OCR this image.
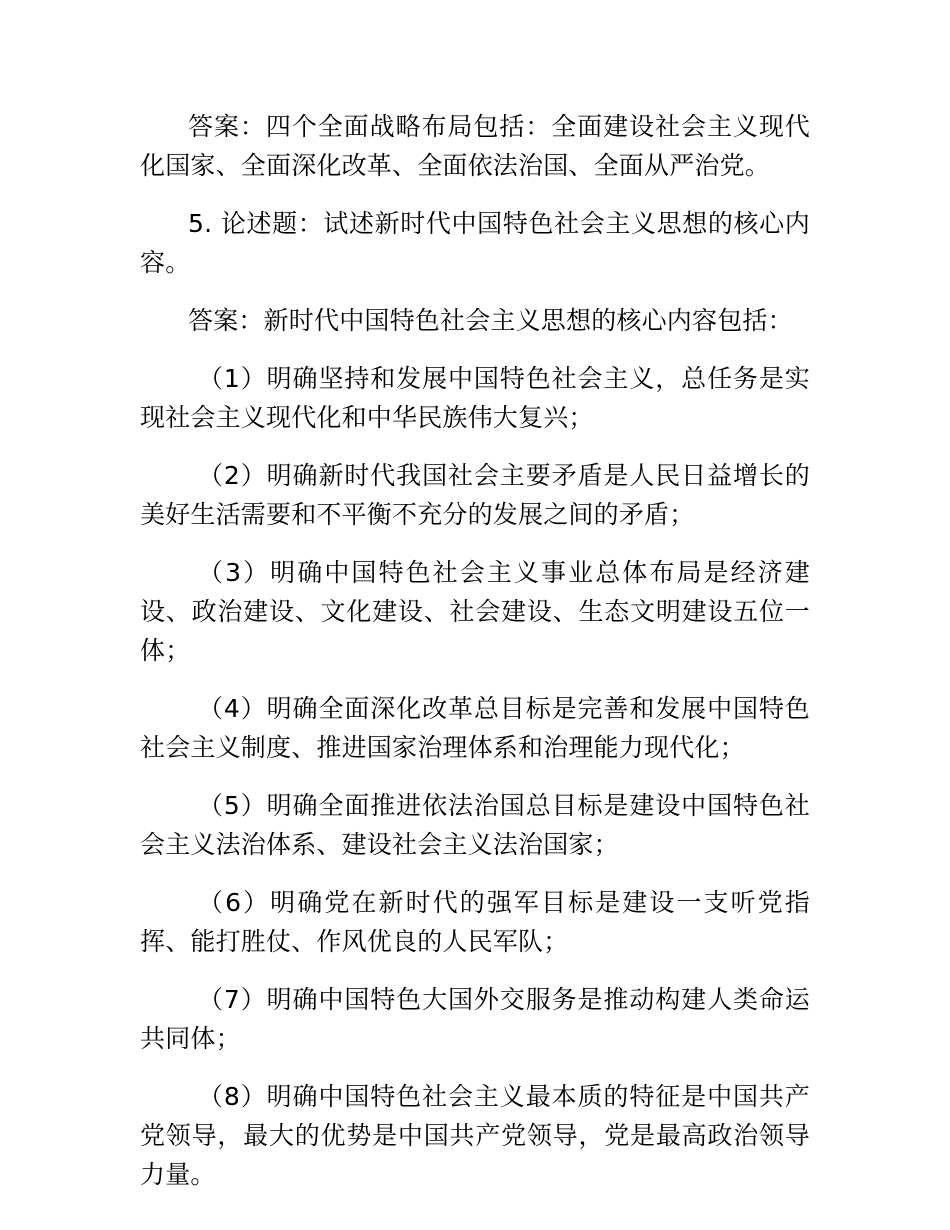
答案：四个全面战略布局包括：全面建设社会主义现代化国家、全面深化改革、全面依法治国、全面从严治党。

5. 论述题：试述新时代中国特色社会主义思想的核心内容。

答案：新时代中国特色社会主义思想的核心内容包括：

（1）明确坚持和发展中国特色社会主义，总任务是实现社会主义现代化和中华民族伟大复兴；

（2）明确新时代我国社会主要矛盾是人民日益增长的美好生活需要和不平衡不充分的发展之间的矛盾；

（3）明确中国特色社会主义事业总体布局是经济建设、政治建设、文化建设、社会建设、生态文明建设五位一体；

（4）明确全面深化改革总目标是完善和发展中国特色社会主义制度、推进国家治理体系和治理能力现代化；

（5）明确全面推进依法治国总目标是建设中国特色社会主义法治体系、建设社会主义法治国家；

（6）明确党在新时代的强军目标是建设一支听党指挥、能打胜仗、作风优良的人民军队；

（7）明确中国特色大国外交服务是推动构建人类命运共同体；

（8）明确中国特色社会主义最本质的特征是中国共产党领导，最大的优势是中国共产党领导，党是最高政治领导力量。
